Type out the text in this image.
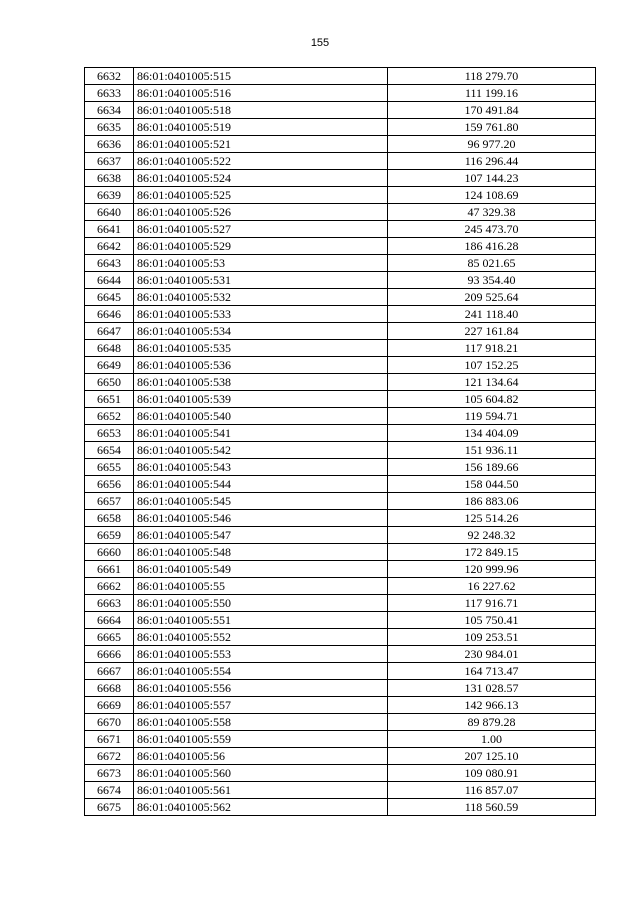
155
6632	86:01:0401005:515	118 279.70
6633	86:01:0401005:516	111 199.16
6634	86:01:0401005:518	170 491.84
6635	86:01:0401005:519	159 761.80
6636	86:01:0401005:521	96 977.20
6637	86:01:0401005:522	116 296.44
6638	86:01:0401005:524	107 144.23
6639	86:01:0401005:525	124 108.69
6640	86:01:0401005:526	47 329.38
6641	86:01:0401005:527	245 473.70
6642	86:01:0401005:529	186 416.28
6643	86:01:0401005:53	85 021.65
6644	86:01:0401005:531	93 354.40
6645	86:01:0401005:532	209 525.64
6646	86:01:0401005:533	241 118.40
6647	86:01:0401005:534	227 161.84
6648	86:01:0401005:535	117 918.21
6649	86:01:0401005:536	107 152.25
6650	86:01:0401005:538	121 134.64
6651	86:01:0401005:539	105 604.82
6652	86:01:0401005:540	119 594.71
6653	86:01:0401005:541	134 404.09
6654	86:01:0401005:542	151 936.11
6655	86:01:0401005:543	156 189.66
6656	86:01:0401005:544	158 044.50
6657	86:01:0401005:545	186 883.06
6658	86:01:0401005:546	125 514.26
6659	86:01:0401005:547	92 248.32
6660	86:01:0401005:548	172 849.15
6661	86:01:0401005:549	120 999.96
6662	86:01:0401005:55	16 227.62
6663	86:01:0401005:550	117 916.71
6664	86:01:0401005:551	105 750.41
6665	86:01:0401005:552	109 253.51
6666	86:01:0401005:553	230 984.01
6667	86:01:0401005:554	164 713.47
6668	86:01:0401005:556	131 028.57
6669	86:01:0401005:557	142 966.13
6670	86:01:0401005:558	89 879.28
6671	86:01:0401005:559	1.00
6672	86:01:0401005:56	207 125.10
6673	86:01:0401005:560	109 080.91
6674	86:01:0401005:561	116 857.07
6675	86:01:0401005:562	118 560.59
